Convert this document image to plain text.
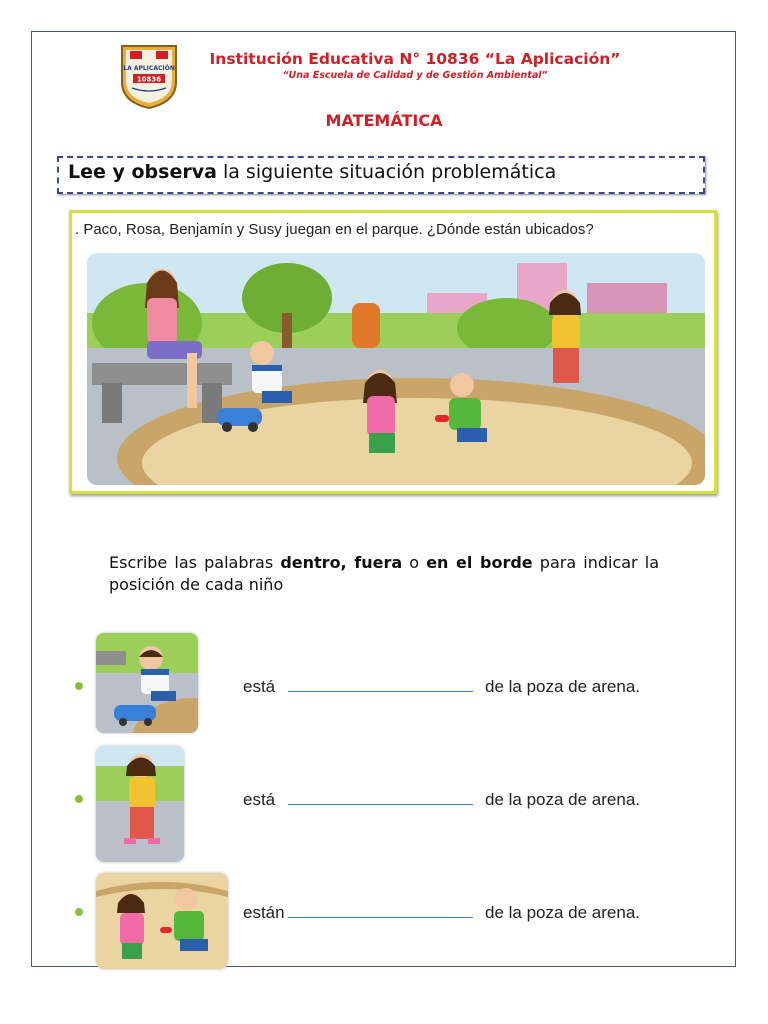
LA APLICACIÓN
10836
Institución Educativa N° 10836 “La Aplicación”
“Una Escuela de Calidad y de Gestión Ambiental”
MATEMÁTICA
Lee y observa la siguiente situación problemática
. Paco, Rosa, Benjamín y Susy juegan en el parque. ¿Dónde están ubicados?
Escribe las palabras dentro, fuera o en el borde para indicar la posición de cada niño
está	de la poza de arena.
está	de la poza de arena.
están	de la poza de arena.
